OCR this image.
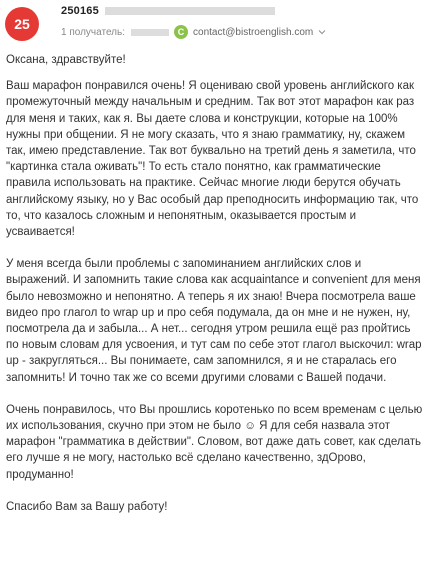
25
250165
1 получатель:	C contact@bistroenglish.com

Оксана, здравствуйте!

Ваш марафон понравился очень! Я оцениваю свой уровень английского как промежуточный между начальным и средним. Так вот этот марафон как раз для меня и таких, как я. Вы даете слова и конструкции, которые на 100% нужны при общении. Я не могу сказать, что я знаю грамматику, ну, скажем так, имею представление. Так вот буквально на третий день я заметила, что "картинка стала оживать"! То есть стало понятно, как грамматические правила использовать на практике. Сейчас многие люди берутся обучать английскому языку, но у Вас особый дар преподносить информацию так, что то, что казалось сложным и непонятным, оказывается простым и усваивается!

У меня всегда были проблемы с запоминанием английских слов и выражений. И запомнить такие слова как acquaintance и convenient для меня было невозможно и непонятно. А теперь я их знаю! Вчера посмотрела ваше видео про глагол to wrap up и про себя подумала, да он мне и не нужен, ну, посмотрела да и забыла... А нет... сегодня утром решила ещё раз пройтись по новым словам для усвоения, и тут сам по себе этот глагол выскочил: wrap up - закругляться... Вы понимаете, сам запомнился, я и не старалась его запомнить! И точно так же со всеми другими словами с Вашей подачи.

Очень понравилось, что Вы прошлись коротенько по всем временам с целью их использования, скучно при этом не было ☺ Я для себя назвала этот марафон "грамматика в действии". Словом, вот даже дать совет, как сделать его лучше я не могу, настолько всё сделано качественно, здОрово, продуманно!

Спасибо Вам за Вашу работу!
